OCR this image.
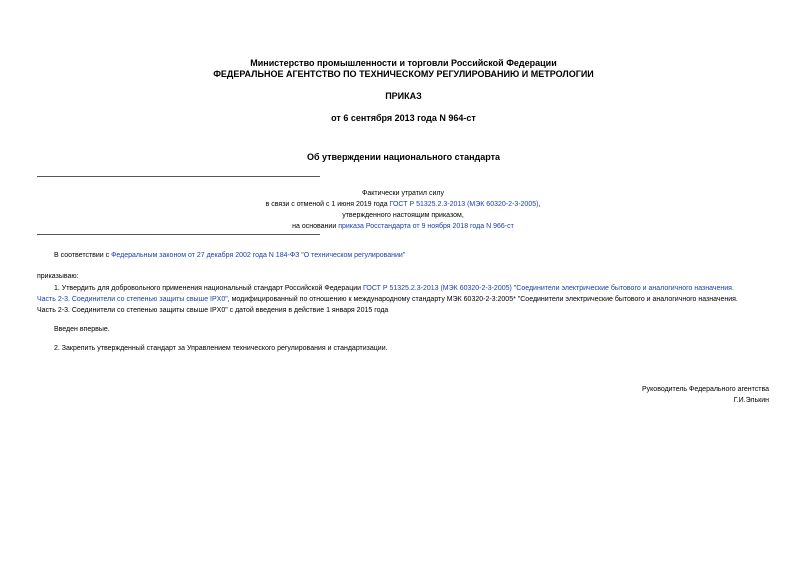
Министерство промышленности и торговли Российской Федерации
ФЕДЕРАЛЬНОЕ АГЕНТСТВО ПО ТЕХНИЧЕСКОМУ РЕГУЛИРОВАНИЮ И МЕТРОЛОГИИ
ПРИКАЗ
от 6 сентября 2013 года N 964-ст
Об утверждении национального стандарта
Фактически утратил силу
в связи с отменой с 1 июня 2019 года ГОСТ Р 51325.2.3-2013 (МЭК 60320-2-3-2005),
утвержденного настоящим приказом,
на основании приказа Росстандарта от 9 ноября 2018 года N 966-ст
В соответствии с Федеральным законом от 27 декабря 2002 года N 184-ФЗ "О техническом регулировании"
приказываю:
1. Утвердить для добровольного применения национальный стандарт Российской Федерации ГОСТ Р 51325.2.3-2013 (МЭК 60320-2-3-2005) "Соединители электрические бытового и аналогичного назначения.
Часть 2-3. Соединители со степенью защиты свыше IPX0", модифицированный по отношению к международному стандарту МЭК 60320-2-3:2005* "Соединители электрические бытового и аналогичного назначения.
Часть 2-3. Соединители со степенью защиты свыше IPX0" с датой введения в действие 1 января 2015 года
Введен впервые.
2. Закрепить утвержденный стандарт за Управлением технического регулирования и стандартизации.
Руководитель Федерального агентства
Г.И.Элькин
